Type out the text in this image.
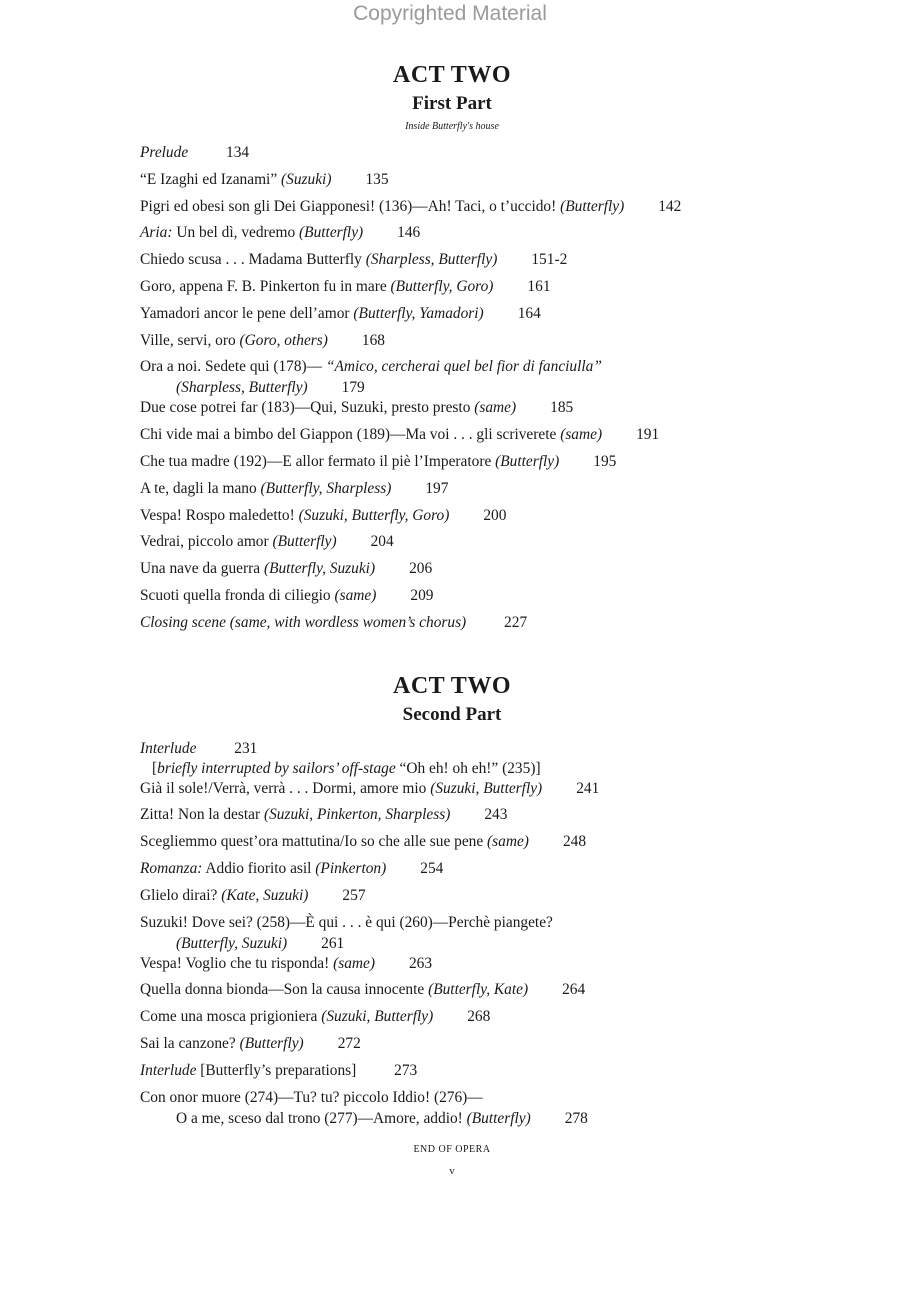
Copyrighted Material
ACT TWO
First Part
Inside Butterfly's house
Prelude 134
“E Izaghi ed Izanami” (Suzuki) 135
Pigri ed obesi son gli Dei Giapponesi! (136)—Ah! Taci, o t’uccido! (Butterfly) 142
Aria: Un bel dì, vedremo (Butterfly) 146
Chiedo scusa . . . Madama Butterfly (Sharpless, Butterfly) 151-2
Goro, appena F. B. Pinkerton fu in mare (Butterfly, Goro) 161
Yamadori ancor le pene dell’amor (Butterfly, Yamadori) 164
Ville, servi, oro (Goro, others) 168
Ora a noi. Sedete qui (178)— “Amico, cercherai quel bel fior di fanciulla”
(Sharpless, Butterfly) 179
Due cose potrei far (183)—Qui, Suzuki, presto presto (same) 185
Chi vide mai a bimbo del Giappon (189)—Ma voi . . . gli scriverete (same) 191
Che tua madre (192)—E allor fermato il piè l’Imperatore (Butterfly) 195
A te, dagli la mano (Butterfly, Sharpless) 197
Vespa! Rospo maledetto! (Suzuki, Butterfly, Goro) 200
Vedrai, piccolo amor (Butterfly) 204
Una nave da guerra (Butterfly, Suzuki) 206
Scuoti quella fronda di ciliegio (same) 209
Closing scene (same, with wordless women’s chorus) 227
ACT TWO
Second Part
Interlude 231
[briefly interrupted by sailors’ off-stage “Oh eh! oh eh!” (235)]
Già il sole!/Verrà, verrà . . . Dormi, amore mio (Suzuki, Butterfly) 241
Zitta! Non la destar (Suzuki, Pinkerton, Sharpless) 243
Scegliemmo quest’ora mattutina/Io so che alle sue pene (same) 248
Romanza: Addio fiorito asil (Pinkerton) 254
Glielo dirai? (Kate, Suzuki) 257
Suzuki! Dove sei? (258)—È qui . . . è qui (260)—Perchè piangete?
(Butterfly, Suzuki) 261
Vespa! Voglio che tu risponda! (same) 263
Quella donna bionda—Son la causa innocente (Butterfly, Kate) 264
Come una mosca prigioniera (Suzuki, Butterfly) 268
Sai la canzone? (Butterfly) 272
Interlude [Butterfly’s preparations] 273
Con onor muore (274)—Tu? tu? piccolo Iddio! (276)—
O a me, sceso dal trono (277)—Amore, addio! (Butterfly) 278
END OF OPERA
v
